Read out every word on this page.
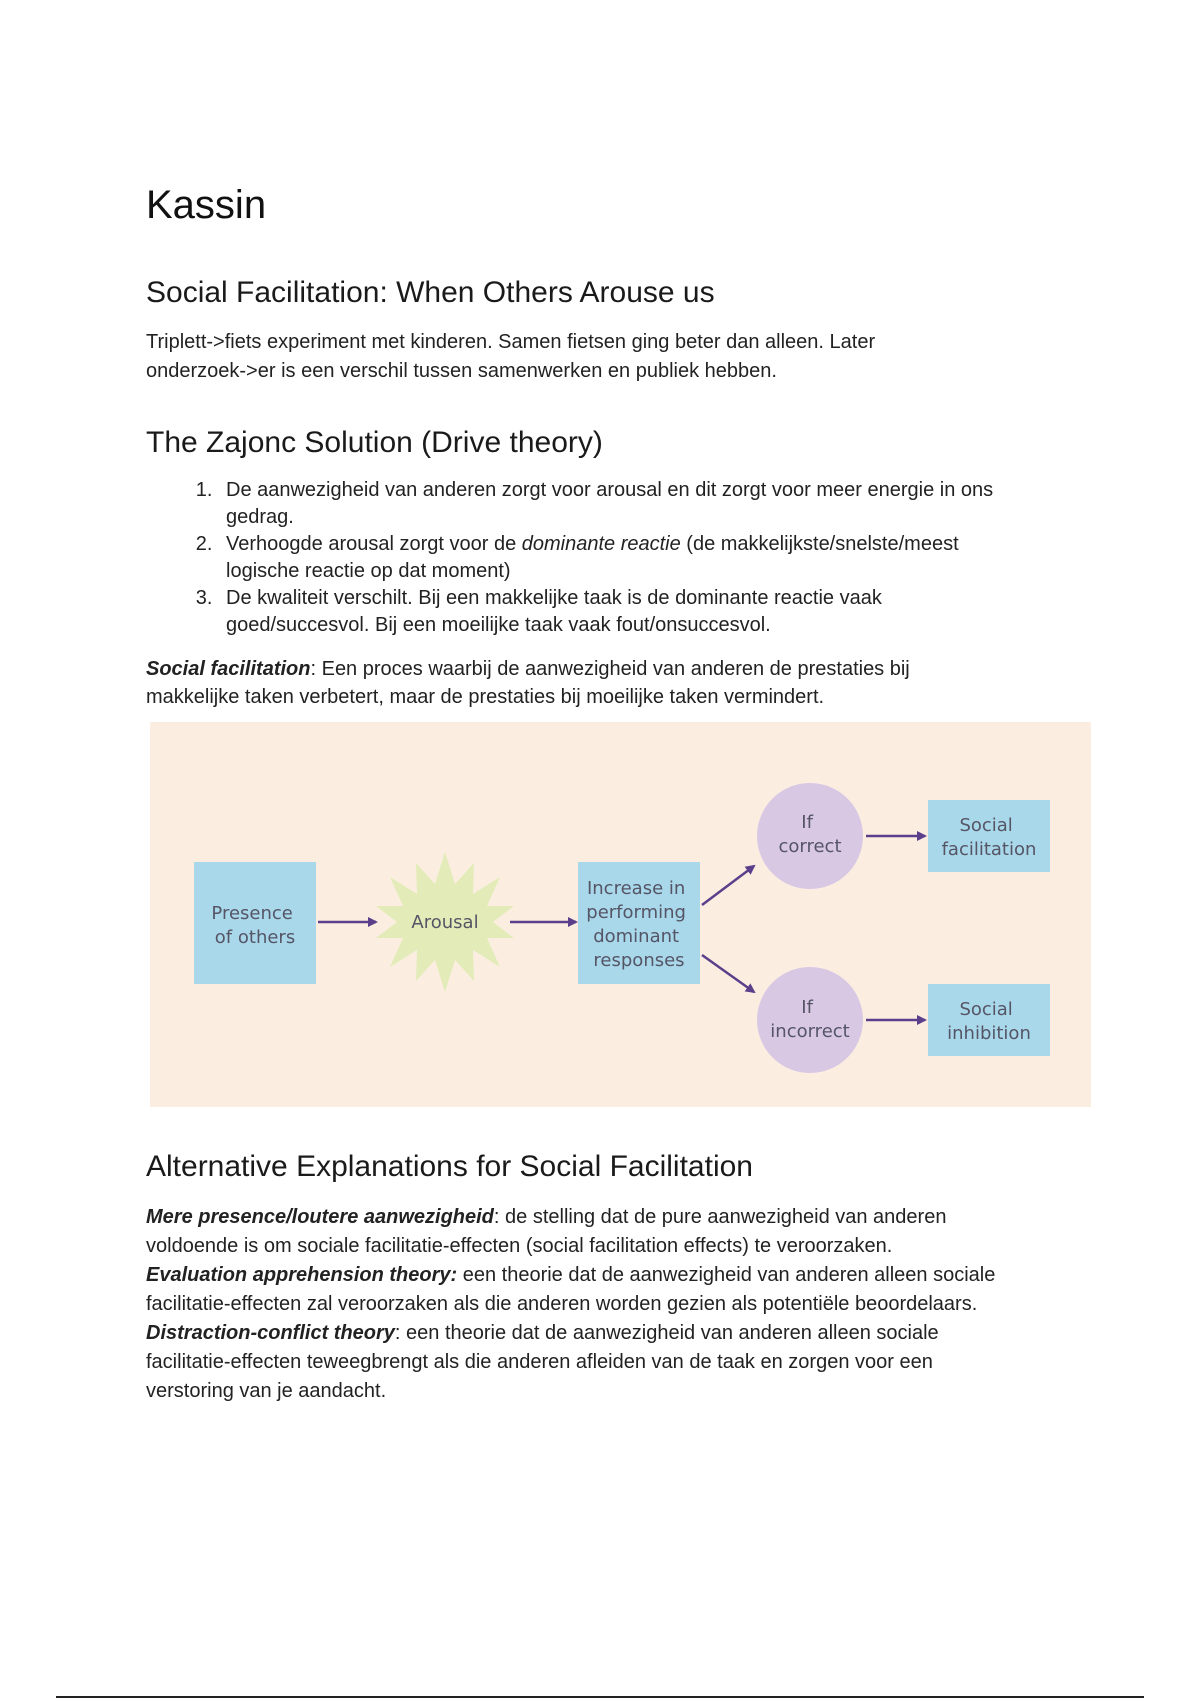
Kassin
Social Facilitation: When Others Arouse us

Triplett->fiets experiment met kinderen. Samen fietsen ging beter dan alleen. Later
onderzoek->er is een verschil tussen samenwerken en publiek hebben.

The Zajonc Solution (Drive theory)
1. De aanwezigheid van anderen zorgt voor arousal en dit zorgt voor meer energie in ons
gedrag.
2. Verhoogde arousal zorgt voor de dominante reactie (de makkelijkste/snelste/meest
logische reactie op dat moment)
3. De kwaliteit verschilt. Bij een makkelijke taak is de dominante reactie vaak
goed/succesvol. Bij een moeilijke taak vaak fout/onsuccesvol.

Social facilitation: Een proces waarbij de aanwezigheid van anderen de prestaties bij
makkelijke taken verbetert, maar de prestaties bij moeilijke taken vermindert.

Alternative Explanations for Social Facilitation

Mere presence/loutere aanwezigheid: de stelling dat de pure aanwezigheid van anderen
voldoende is om sociale facilitatie-effecten (social facilitation effects) te veroorzaken.
Evaluation apprehension theory: een theorie dat de aanwezigheid van anderen alleen sociale
facilitatie-effecten zal veroorzaken als die anderen worden gezien als potentiële beoordelaars.
Distraction-conflict theory: een theorie dat de aanwezigheid van anderen alleen sociale
facilitatie-effecten teweegbrengt als die anderen afleiden van de taak en zorgen voor een
verstoring van je aandacht.

Presence of others
Arousal
Increase in performing dominant responses
If correct
If incorrect
Social facilitation
Social inhibition
